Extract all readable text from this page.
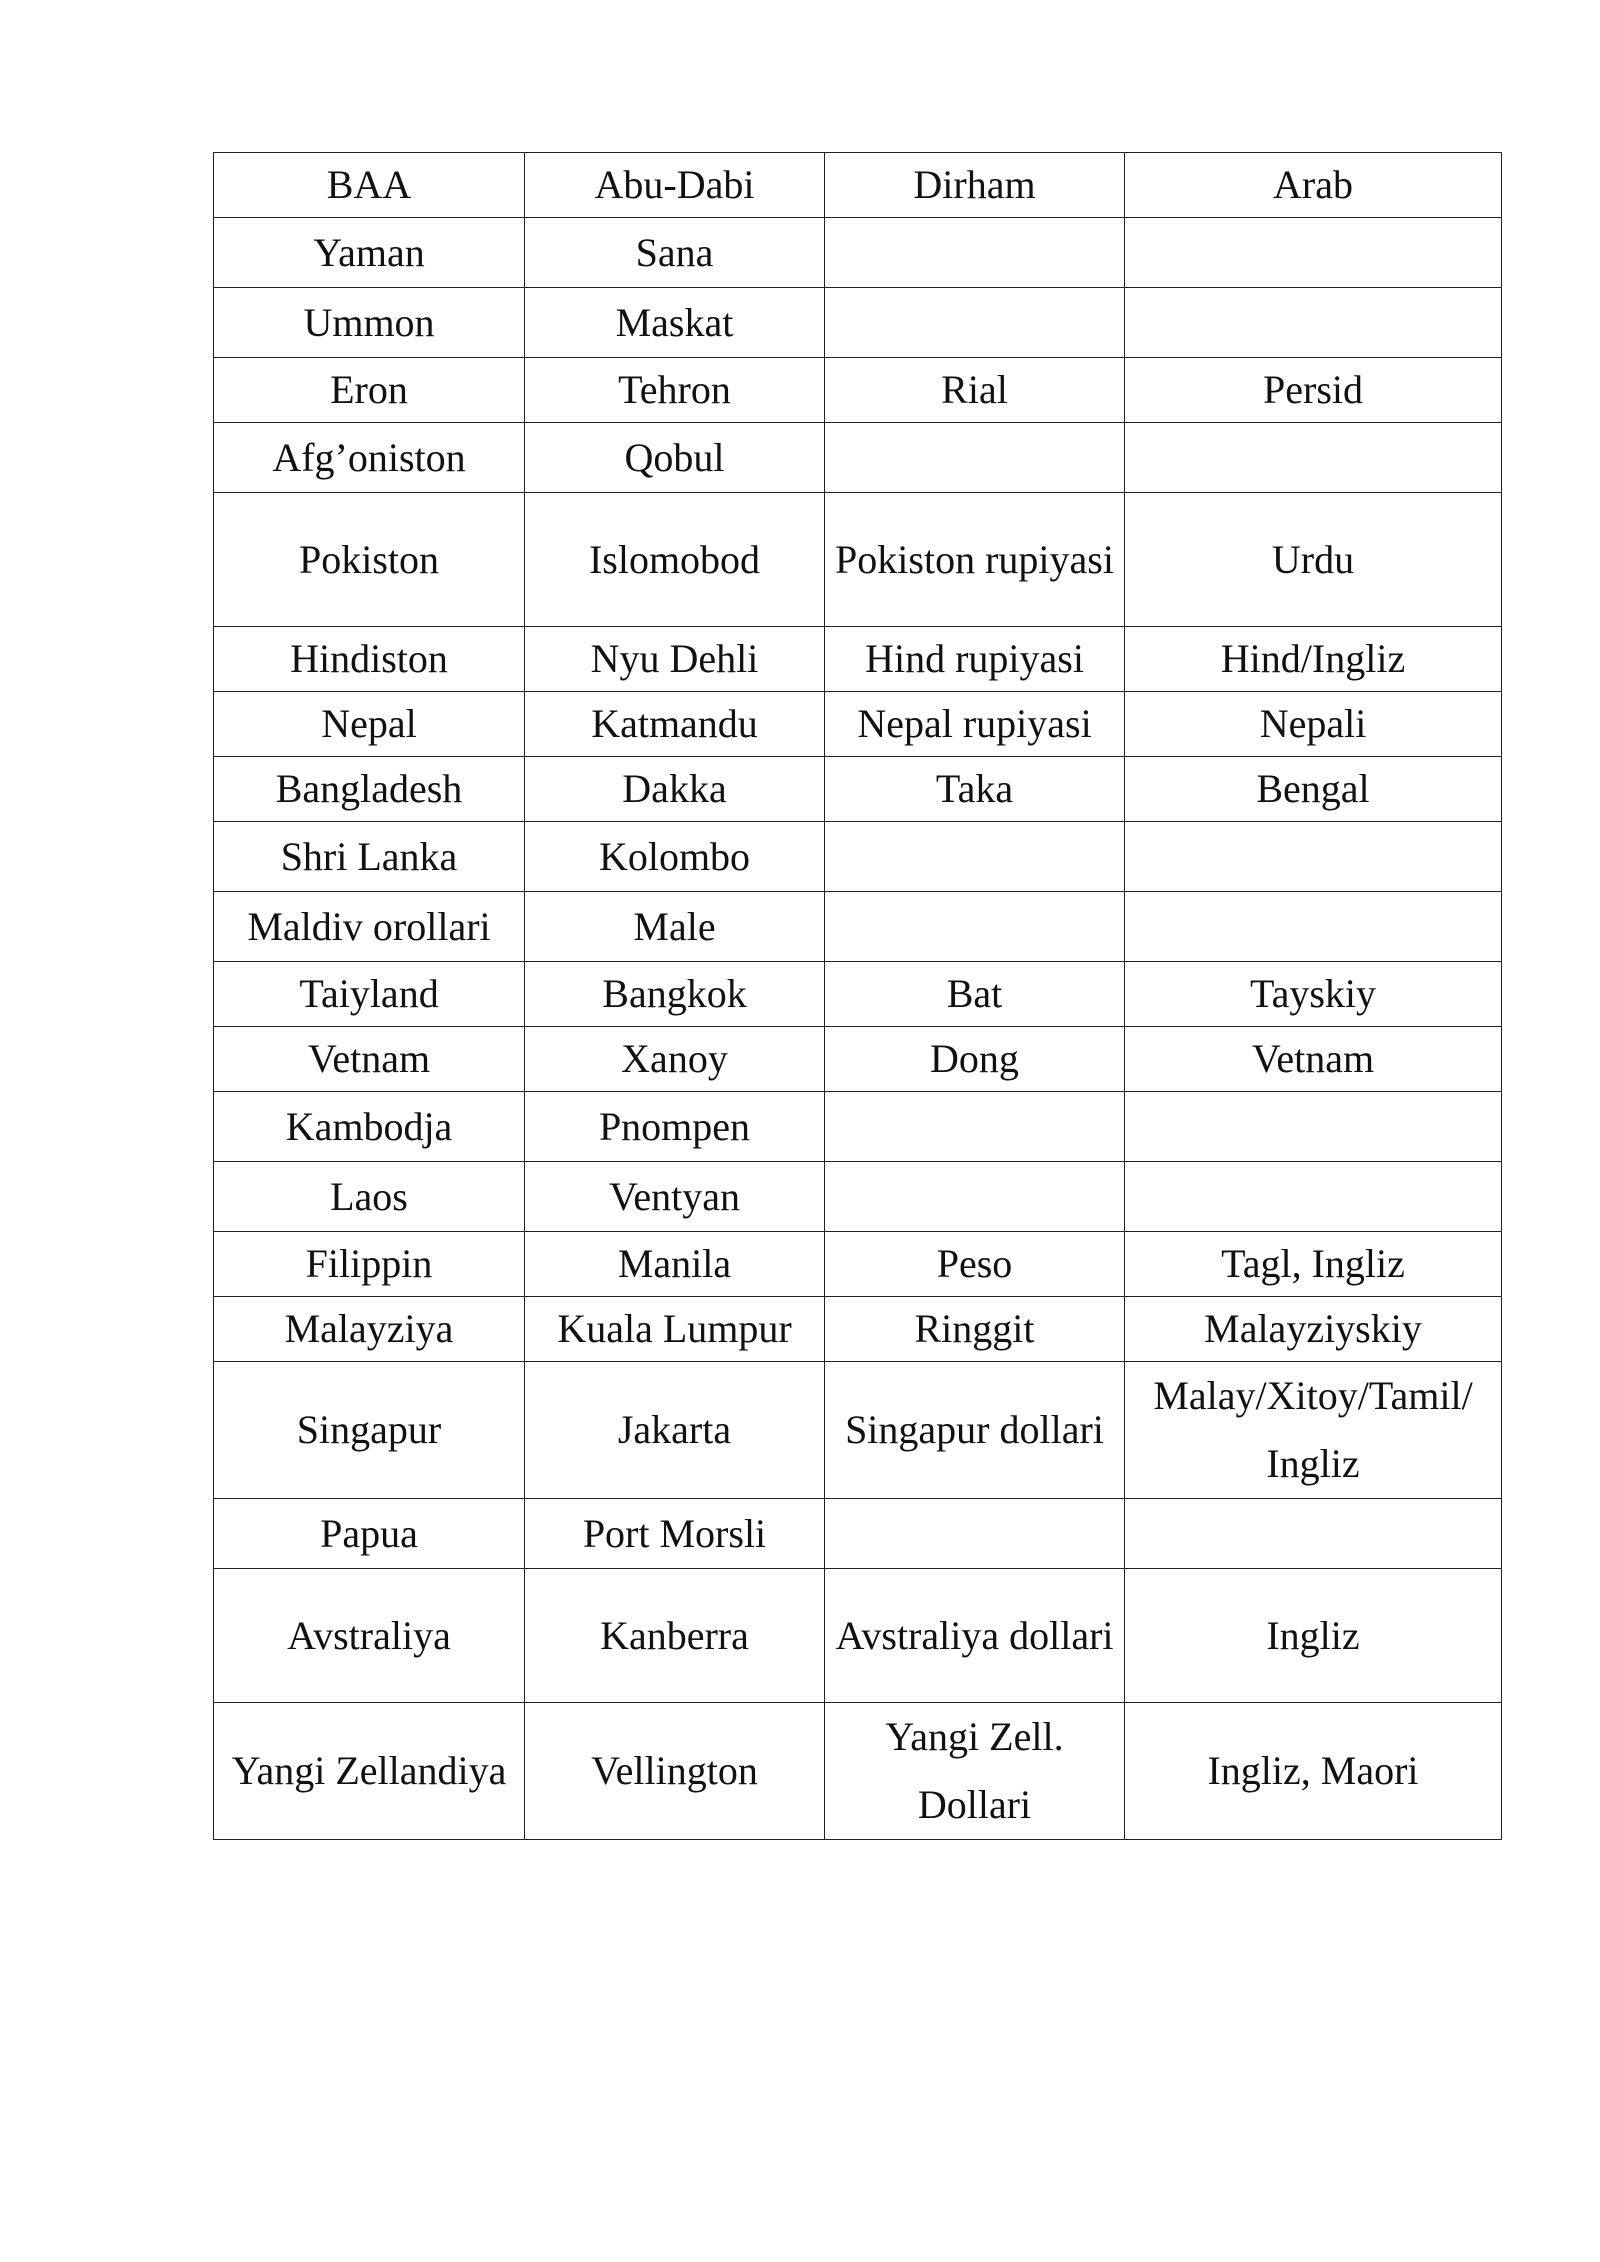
BAA	Abu-Dabi	Dirham	Arab
Yaman	Sana		
Ummon	Maskat		
Eron	Tehron	Rial	Persid
Afg’oniston	Qobul		
Pokiston	Islomobod	Pokiston rupiyasi	Urdu
Hindiston	Nyu Dehli	Hind rupiyasi	Hind/Ingliz
Nepal	Katmandu	Nepal rupiyasi	Nepali
Bangladesh	Dakka	Taka	Bengal
Shri Lanka	Kolombo		
Maldiv orollari	Male		
Taiyland	Bangkok	Bat	Tayskiy
Vetnam	Xanoy	Dong	Vetnam
Kambodja	Pnompen		
Laos	Ventyan		
Filippin	Manila	Peso	Tagl, Ingliz
Malayziya	Kuala Lumpur	Ringgit	Malayziyskiy
Singapur	Jakarta	Singapur dollari	Malay/Xitoy/Tamil/ Ingliz
Papua	Port Morsli		
Avstraliya	Kanberra	Avstraliya dollari	Ingliz
Yangi Zellandiya	Vellington	Yangi Zell. Dollari	Ingliz, Maori
